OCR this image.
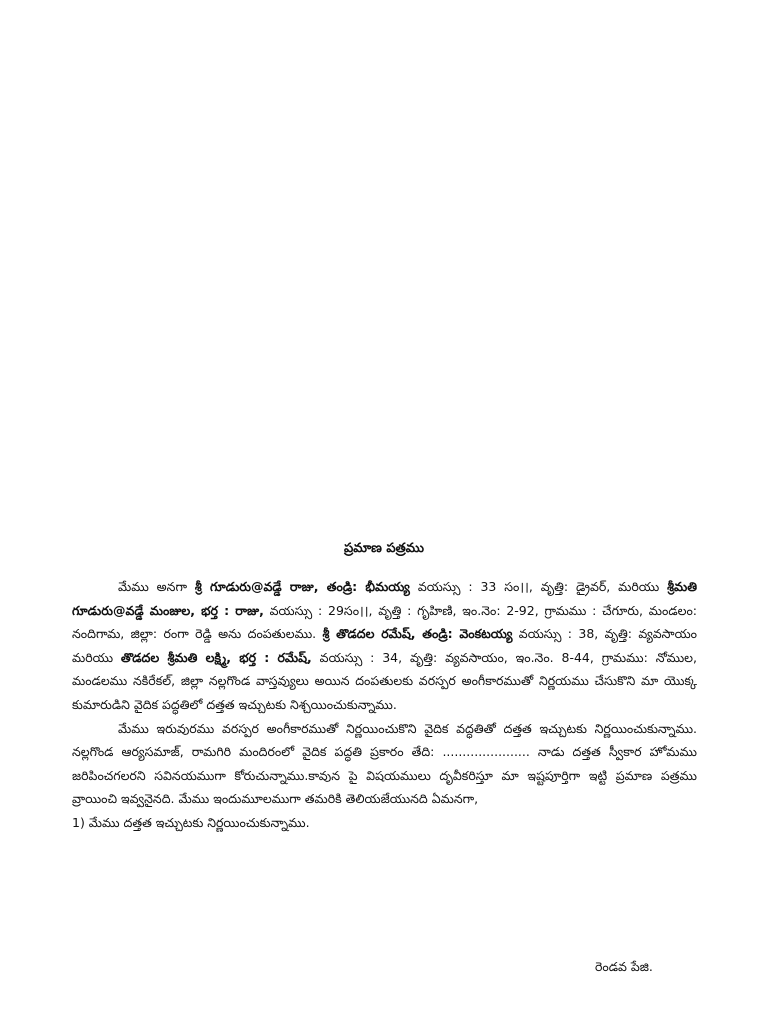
ప్రమాణ పత్రము

మేము అనగా శ్రీ గూడురు@వడ్డే రాజు, తండ్రి: భీమయ్య వయస్సు : 33 సం।।, వృత్తి: డ్రైవర్, మరియు శ్రీమతి గూడురు@వడ్డే మంజుల, భర్త : రాజు, వయస్సు : 29సం।।, వృత్తి : గృహిణి, ఇం.నెం: 2-92, గ్రామము : చేగూరు, మండలం: నందిగామ, జిల్లా: రంగా రెడ్డి అను దంపతులము. శ్రీ తొడదల రమేష్, తండ్రి: వెంకటయ్య వయస్సు : 38, వృత్తి: వ్యవసాయం మరియు తొడదల శ్రీమతి లక్ష్మి, భర్త : రమేష్, వయస్సు : 34, వృత్తి: వ్యవసాయం, ఇం.నెం. 8-44, గ్రామము: నోముల, మండలము నకిరేకల్, జిల్లా నల్లగొండ వాస్తవ్యులు అయిన దంపతులకు వరస్పర అంగీకారముతో నిర్ణయము చేసుకొని మా యొక్క కుమారుడిని వైదిక పద్ధతిలో దత్తత ఇచ్చుటకు నిశ్చయించుకున్నాము.

మేము ఇరువురము వరస్పర అంగీకారముతో నిర్ణయించుకొని వైదిక వద్ధతితో దత్తత ఇచ్చుటకు నిర్ణయించుకున్నాము. నల్లగొండ ఆర్యసమాజ్, రామగిరి మందిరంలో వైదిక పద్ధతి ప్రకారం తేది: ...................... నాడు దత్తత స్వీకార హోమము జరిపించగలరని సవినయముగా కోరుచున్నాము.కావున పై విషయములు దృవీకరిస్తూ మా ఇష్టపూర్తిగా ఇట్టి ప్రమాణ పత్రము వ్రాయించి ఇవ్వనైనది. మేము ఇందుమూలముగా తమరికి తెలియజేయునది ఏమనగా,

1) మేము దత్తత ఇచ్చుటకు నిర్ణయించుకున్నాము.

రెండవ పేజి.
